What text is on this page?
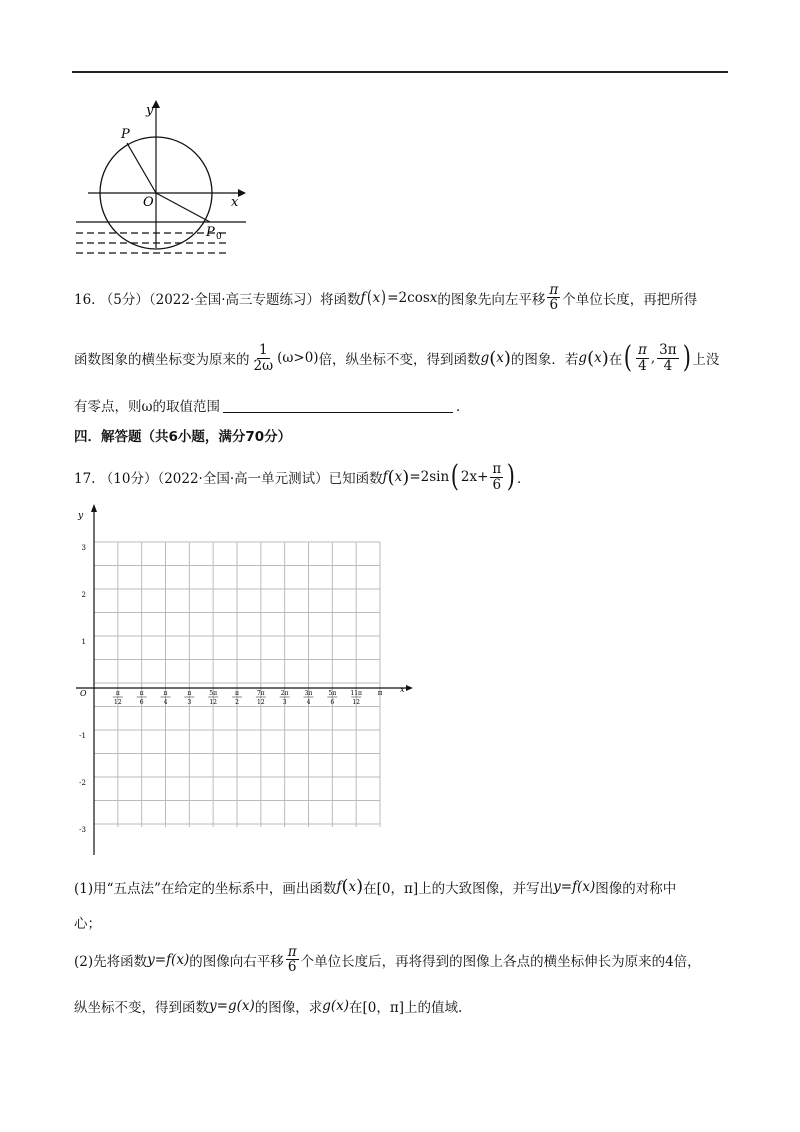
y
x
O
P
P 0
16. （5分）（2022·全国·高三专题练习）将函数 f ( x ) =2cos x 的图象先向左平移 $\frac{\pi}{6}$ 个单位长度，再把所得
函数图象的横坐标变为原来的 $\frac{1}{2\omega} (\omega>0)$ 倍，纵坐标不变，得到函数 g ( x ) 的图象．若 g ( x ) 在 ( $\frac{\pi}{4}$ , $\frac{3\pi}{4}$ ) 上没
有零点，则ω的取值范围	．
四．解答题（共6小题，满分70分）
17. （10分）（2022·全国·高一单元测试）已知函数 f ( x ) =2sin ( $2x+ \frac{\pi}{6}$ ) ．
y
x
O
3
2
1
-1
-2
-3
π
12
π
6
π
4
π
3
5π
12
π
2
7π
12
2π
3
3π
4
5π
6
11π
12
π
(1)用“五点法”在给定的坐标系中，画出函数 f ( x ) 在 [0，π] 上的大致图像，并写出 y=f(x) 图像的对称中
心；
(2)先将函数 y=f(x) 的图像向右平移 $\frac{\pi}{6}$ 个单位长度后，再将得到的图像上各点的横坐标伸长为原来的4倍，
纵坐标不变，得到函数 y=g(x) 的图像，求 g(x) 在 [0，π] 上的值域.
